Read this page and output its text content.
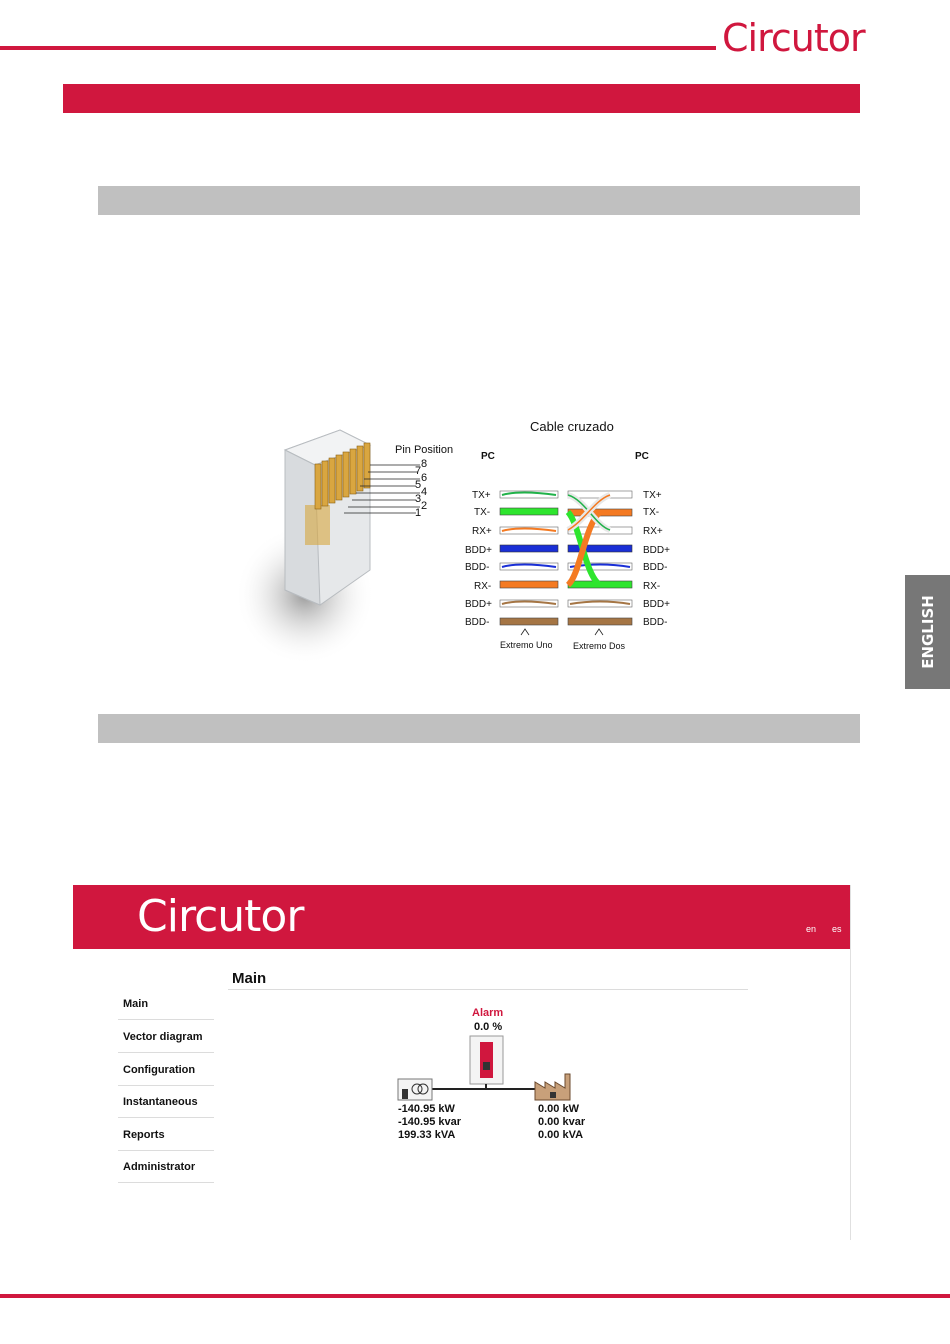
Circutor
ENGLISH
Pin Position
8
7
6
5
4
3
2
1
Cable cruzado
PC	PC
TX+
TX-
RX+
BDD+
BDD-
RX-
BDD+
BDD-
TX+
TX-
RX+
BDD+
BDD-
RX-
BDD+
BDD-
Extremo Uno Extremo Dos
Circutor	en es
Main
Main
Vector diagram
Configuration
Instantaneous
Reports
Administrator
Alarm
0.0 %
-140.95 kW
-140.95 kvar
199.33 kVA
0.00 kW
0.00 kvar
0.00 kVA
